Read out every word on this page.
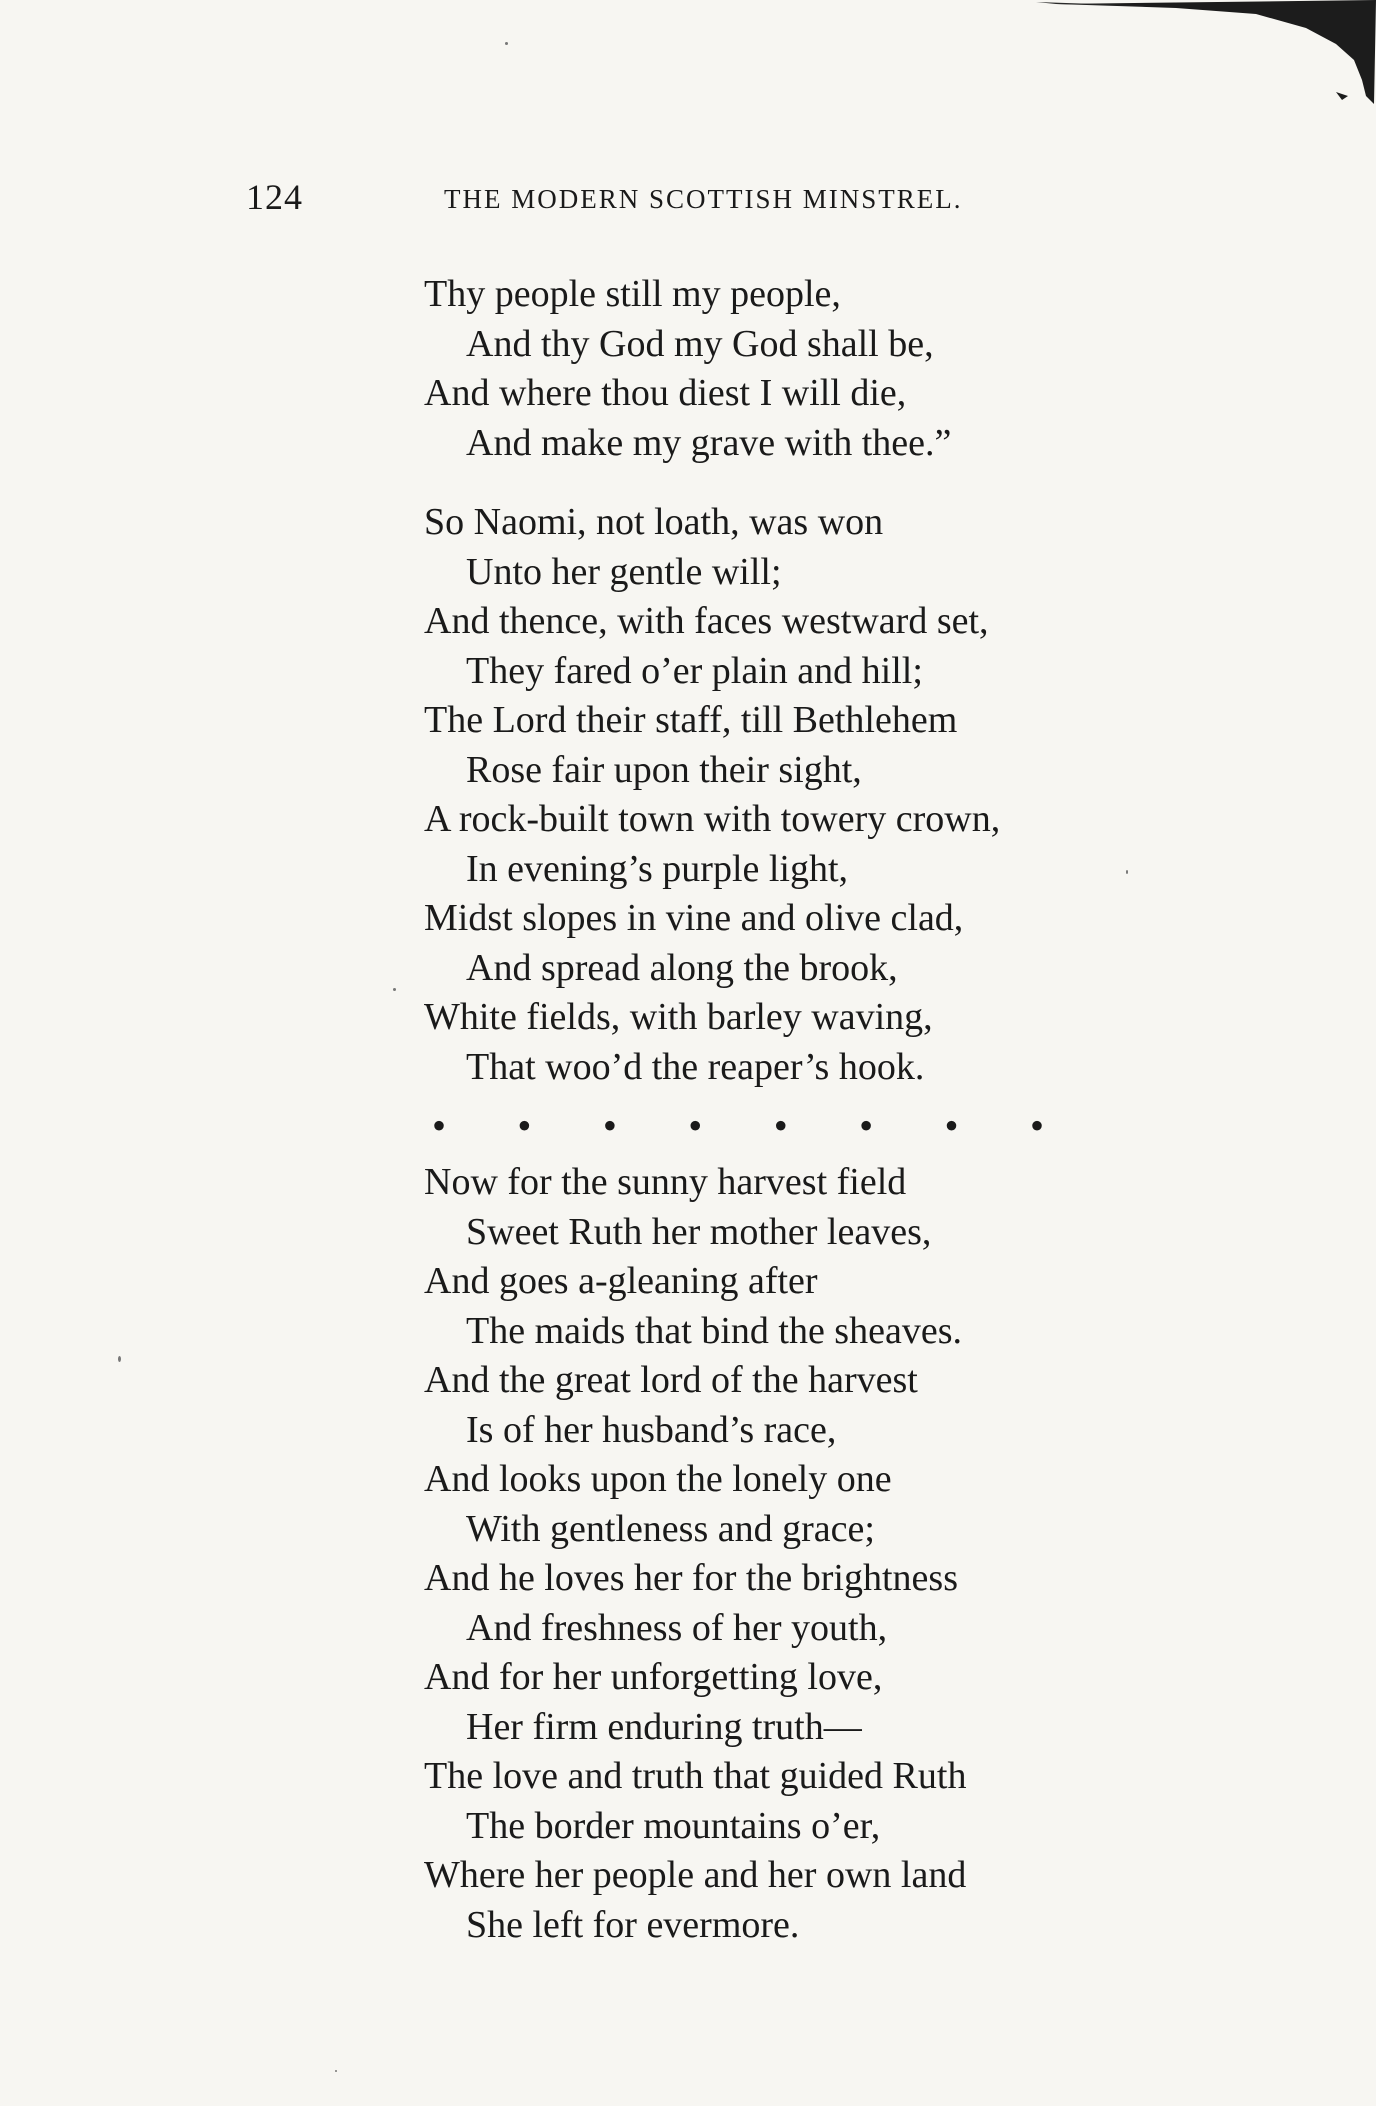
124	THE MODERN SCOTTISH MINSTREL.
Thy people still my people,
And thy God my God shall be,
And where thou diest I will die,
And make my grave with thee.”
So Naomi, not loath, was won
Unto her gentle will;
And thence, with faces westward set,
They fared o’er plain and hill;
The Lord their staff, till Bethlehem
Rose fair upon their sight,
A rock-built town with towery crown,
In evening’s purple light,
Midst slopes in vine and olive clad,
And spread along the brook,
White fields, with barley waving,
That woo’d the reaper’s hook.
• • • • • • • •
Now for the sunny harvest field
Sweet Ruth her mother leaves,
And goes a-gleaning after
The maids that bind the sheaves.
And the great lord of the harvest
Is of her husband’s race,
And looks upon the lonely one
With gentleness and grace;
And he loves her for the brightness
And freshness of her youth,
And for her unforgetting love,
Her firm enduring truth—
The love and truth that guided Ruth
The border mountains o’er,
Where her people and her own land
She left for evermore.
